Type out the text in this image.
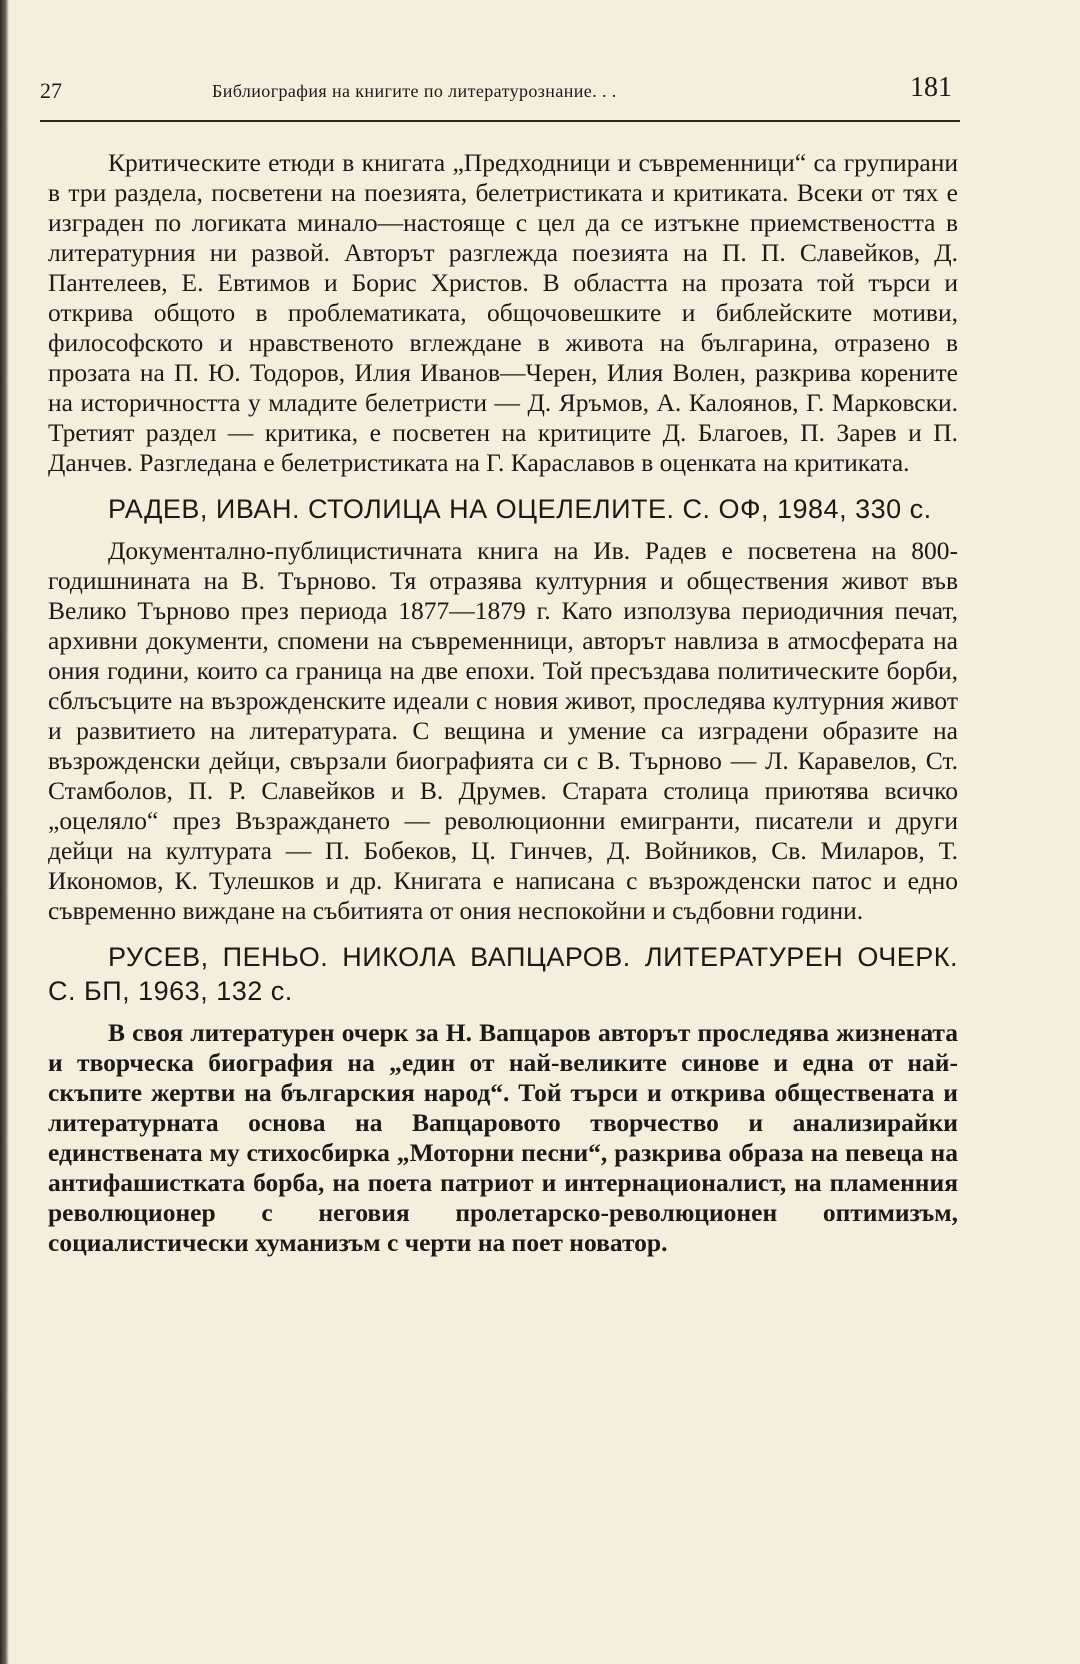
27	Библиография на книгите по литературознание. . .	181

Критическите етюди в книгата „Предходници и съвременници“ са групирани в три раздела, посветени на поезията, белетристиката и критиката. Всеки от тях е изграден по логиката минало—настояще с цел да се изтъкне приемствеността в литературния ни развой. Авторът разглежда поезията на П. П. Славейков, Д. Пантелеев, Е. Евтимов и Борис Христов. В областта на прозата той търси и открива общото в проблематиката, общочовешките и библейските мотиви, философското и нравственото вглеждане в живота на българина, отразено в прозата на П. Ю. Тодоров, Илия Иванов—Черен, Илия Волен, разкрива корените на историчността у младите белетристи — Д. Яръмов, А. Калоянов, Г. Марковски. Третият раздел — критика, е посветен на критиците Д. Благоев, П. Зарев и П. Данчев. Разгледана е белетристиката на Г. Караславов в оценката на критиката.

РАДЕВ, ИВАН. СТОЛИЦА НА ОЦЕЛЕЛИТЕ. С. ОФ, 1984, 330 с.

Документално-публицистичната книга на Ив. Радев е посветена на 800-годишнината на В. Търново. Тя отразява културния и обществения живот във Велико Търново през периода 1877—1879 г. Като използува периодичния печат, архивни документи, спомени на съвременници, авторът навлиза в атмосферата на ония години, които са граница на две епохи. Той пресъздава политическите борби, сблъсъците на възрожденските идеали с новия живот, проследява културния живот и развитието на литературата. С вещина и умение са изградени образите на възрожденски дейци, свързали биографията си с В. Търново — Л. Каравелов, Ст. Стамболов, П. Р. Славейков и В. Друмев. Старата столица приютява всичко „оцеляло“ през Възраждането — революционни емигранти, писатели и други дейци на културата — П. Бобеков, Ц. Гинчев, Д. Войников, Св. Миларов, Т. Икономов, К. Тулешков и др. Книгата е написана с възрожденски патос и едно съвременно виждане на събитията от ония неспокойни и съдбовни години.

РУСЕВ, ПЕНЬО. НИКОЛА ВАПЦАРОВ. ЛИТЕРАТУРЕН ОЧЕРК. С. БП, 1963, 132 с.

В своя литературен очерк за Н. Вапцаров авторът проследява жизнената и творческа биография на „един от най-великите синове и една от най-скъпите жертви на българския народ“. Той търси и открива обществената и литературната основа на Вапцаровото творчество и анализирайки единствената му стихосбирка „Моторни песни“, разкрива образа на певеца на антифашистката борба, на поета патриот и интернационалист, на пламенния революционер с неговия пролетарско-революционен оптимизъм, социалистически хуманизъм с черти на поет новатор.
